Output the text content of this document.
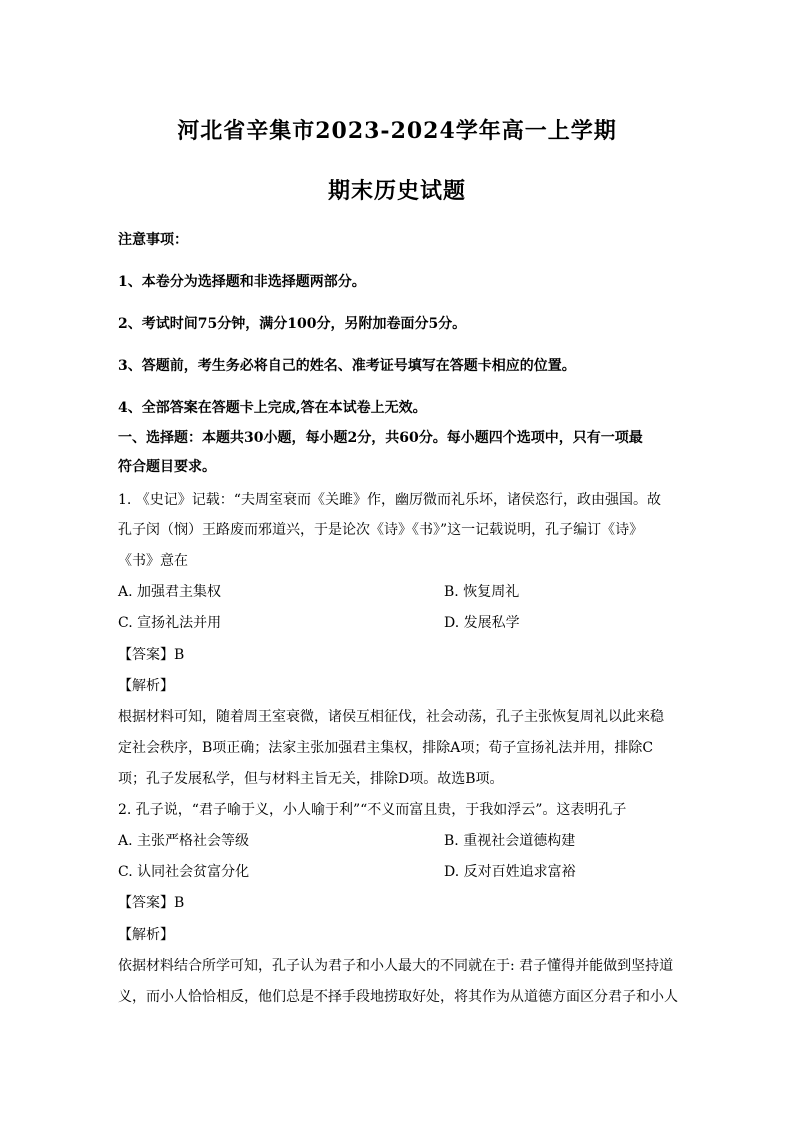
河北省辛集市2023-2024学年高一上学期
期末历史试题
注意事项：
1、本卷分为选择题和非选择题两部分。
2、考试时间75分钟，满分100分，另附加卷面分5分。
3、答题前，考生务必将自己的姓名、准考证号填写在答题卡相应的位置。
4、全部答案在答题卡上完成,答在本试卷上无效。
一、选择题：本题共30小题，每小题2分，共60分。每小题四个选项中，只有一项最
符合题目要求。
1. 《史记》记载：“夫周室衰而《关雎》作，幽厉微而礼乐坏，诸侯恣行，政由强国。故
孔子闵（悯）王路废而邪道兴，于是论次《诗》《书》”这一记载说明，孔子编订《诗》
《书》意在
A. 加强君主集权	B. 恢复周礼
C. 宣扬礼法并用	D. 发展私学
【答案】B
【解析】
根据材料可知，随着周王室衰微，诸侯互相征伐，社会动荡，孔子主张恢复周礼以此来稳
定社会秩序，B项正确；法家主张加强君主集权，排除A项；荀子宣扬礼法并用，排除C
项；孔子发展私学，但与材料主旨无关，排除D项。故选B项。
2. 孔子说，“君子喻于义，小人喻于利”“不义而富且贵，于我如浮云”。这表明孔子
A. 主张严格社会等级	B. 重视社会道德构建
C. 认同社会贫富分化	D. 反对百姓追求富裕
【答案】B
【解析】
依据材料结合所学可知，孔子认为君子和小人最大的不同就在于: 君子懂得并能做到坚持道
义，而小人恰恰相反，他们总是不择手段地捞取好处，将其作为从道德方面区分君子和小人
